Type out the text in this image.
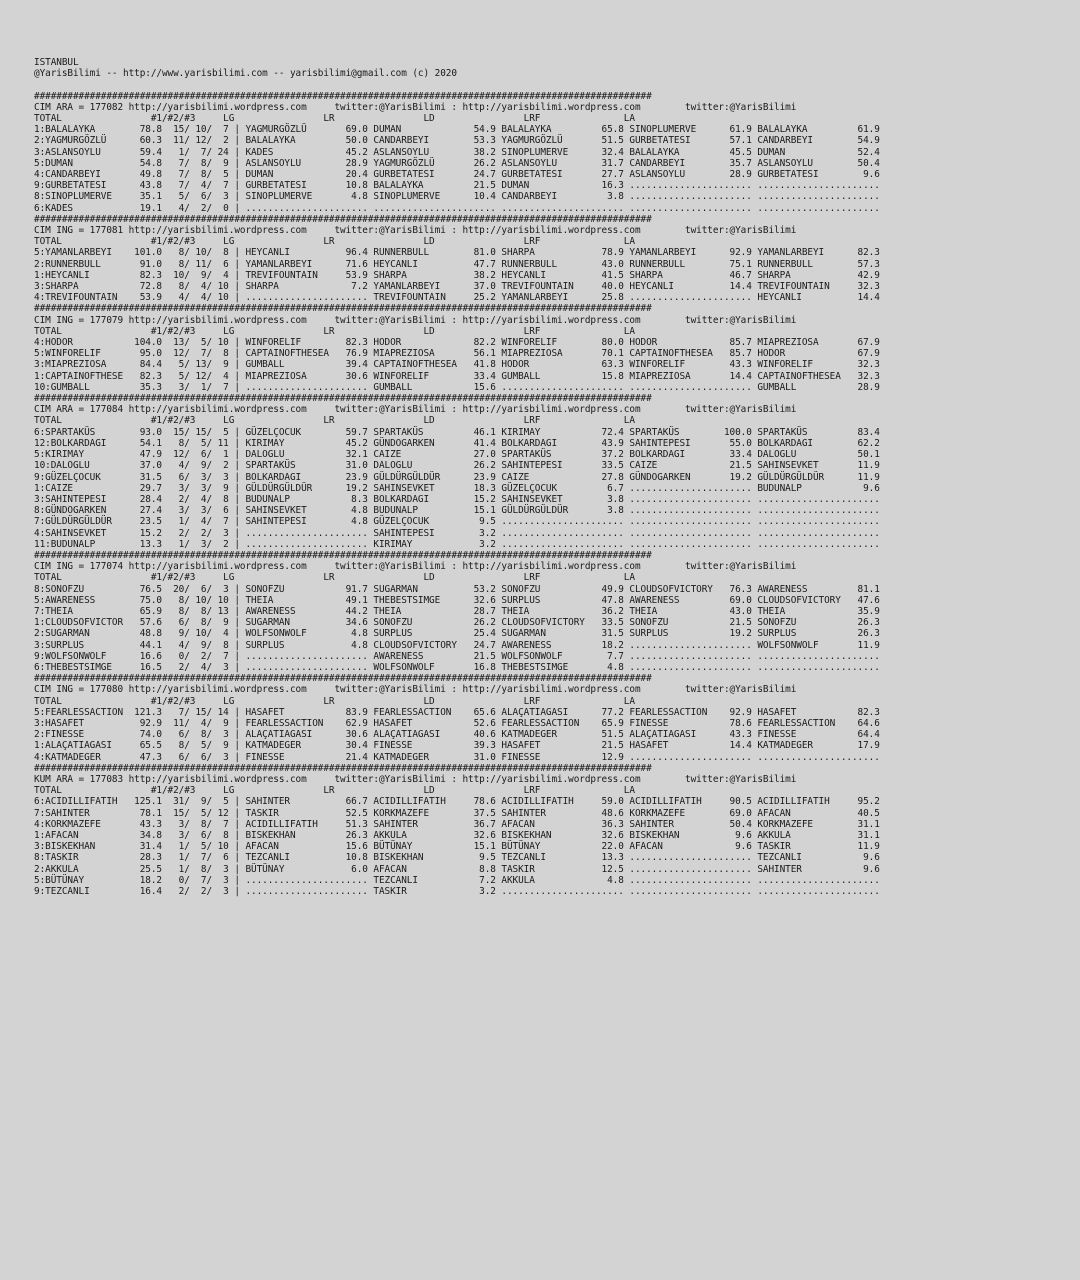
ISTANBUL
@YarisBilimi -- http://www.yarisbilimi.com -- yarisbilimi@gmail.com (c) 2020
###############################################################################################################
CIM ARA = 177082 http://yarisbilimi.wordpress.com     twitter:@YarisBilimi : http://yarisbilimi.wordpress.com        twitter:@YarisBilimi
TOTAL                #1/#2/#3     LG                LR                LD                LRF               LA
1:BALALAYKA        78.8  15/ 10/  7 | YAGMURGÖZLÜ       69.0 DUMAN             54.9 BALALAYKA         65.8 SINOPLUMERVE      61.9 BALALAYKA         61.9
2:YAGMURGÖZLÜ      60.3  11/ 12/  2 | BALALAYKA         50.0 CANDARBEYI        53.3 YAGMURGÖZLÜ       51.5 GURBETATESI       57.1 CANDARBEYI        54.9
3:ASLANSOYLU       59.4   1/  7/ 24 | KADES             45.2 ASLANSOYLU        38.2 SINOPLUMERVE      32.4 BALALAYKA         45.5 DUMAN             52.4
5:DUMAN            54.8   7/  8/  9 | ASLANSOYLU        28.9 YAGMURGÖZLÜ       26.2 ASLANSOYLU        31.7 CANDARBEYI        35.7 ASLANSOYLU        50.4
4:CANDARBEYI       49.8   7/  8/  5 | DUMAN             20.4 GURBETATESI       24.7 GURBETATESI       27.7 ASLANSOYLU        28.9 GURBETATESI        9.6
9:GURBETATESI      43.8   7/  4/  7 | GURBETATESI       10.8 BALALAYKA         21.5 DUMAN             16.3 ...................... ......................
8:SINOPLUMERVE     35.1   5/  6/  3 | SINOPLUMERVE       4.8 SINOPLUMERVE      10.4 CANDARBEYI         3.8 ...................... ......................
6:KADES            19.1   4/  2/  0 | ...................... ...................... ...................... ...................... ......................
###############################################################################################################
CIM ING = 177081 http://yarisbilimi.wordpress.com     twitter:@YarisBilimi : http://yarisbilimi.wordpress.com        twitter:@YarisBilimi
TOTAL                #1/#2/#3     LG                LR                LD                LRF               LA
5:YAMANLARBEYI    101.0   8/ 10/  8 | HEYCANLI          96.4 RUNNERBULL        81.0 SHARPA            78.9 YAMANLARBEYI      92.9 YAMANLARBEYI      82.3
2:RUNNERBULL       91.0   8/ 11/  6 | YAMANLARBEYI      71.6 HEYCANLI          47.7 RUNNERBULL        43.0 RUNNERBULL        75.1 RUNNERBULL        57.3
1:HEYCANLI         82.3  10/  9/  4 | TREVIFOUNTAIN     53.9 SHARPA            38.2 HEYCANLI          41.5 SHARPA            46.7 SHARPA            42.9
3:SHARPA           72.8   8/  4/ 10 | SHARPA             7.2 YAMANLARBEYI      37.0 TREVIFOUNTAIN     40.0 HEYCANLI          14.4 TREVIFOUNTAIN     32.3
4:TREVIFOUNTAIN    53.9   4/  4/ 10 | ...................... TREVIFOUNTAIN     25.2 YAMANLARBEYI      25.8 ...................... HEYCANLI          14.4
###############################################################################################################
CIM ING = 177079 http://yarisbilimi.wordpress.com     twitter:@YarisBilimi : http://yarisbilimi.wordpress.com        twitter:@YarisBilimi
TOTAL                #1/#2/#3     LG                LR                LD                LRF               LA
4:HODOR           104.0  13/  5/ 10 | WINFORELIF        82.3 HODOR             82.2 WINFORELIF        80.0 HODOR             85.7 MIAPREZIOSA       67.9
5:WINFORELIF       95.0  12/  7/  8 | CAPTAINOFTHESEA   76.9 MIAPREZIOSA       56.1 MIAPREZIOSA       70.1 CAPTAINOFTHESEA   85.7 HODOR             67.9
3:MIAPREZIOSA      84.4   5/ 13/  9 | GUMBALL           39.4 CAPTAINOFTHESEA   41.8 HODOR             63.3 WINFORELIF        43.3 WINFORELIF        32.3
1:CAPTAINOFTHESE   82.3   5/ 12/  4 | MIAPREZIOSA       30.6 WINFORELIF        33.4 GUMBALL           15.8 MIAPREZIOSA       14.4 CAPTAINOFTHESEA   32.3
10:GUMBALL         35.3   3/  1/  7 | ...................... GUMBALL           15.6 ...................... ...................... GUMBALL           28.9
###############################################################################################################
CIM ARA = 177084 http://yarisbilimi.wordpress.com     twitter:@YarisBilimi : http://yarisbilimi.wordpress.com        twitter:@YarisBilimi
TOTAL                #1/#2/#3     LG                LR                LD                LRF               LA
6:SPARTAKÜS        93.0  15/ 15/  5 | GÜZELÇOCUK        59.7 SPARTAKÜS         46.1 KIRIMAY           72.4 SPARTAKÜS        100.0 SPARTAKÜS         83.4
12:BOLKARDAGI      54.1   8/  5/ 11 | KIRIMAY           45.2 GÜNDOGARKEN       41.4 BOLKARDAGI        43.9 SAHINTEPESI       55.0 BOLKARDAGI        62.2
5:KIRIMAY          47.9  12/  6/  1 | DALOGLU           32.1 CAIZE             27.0 SPARTAKÜS         37.2 BOLKARDAGI        33.4 DALOGLU           50.1
10:DALOGLU         37.0   4/  9/  2 | SPARTAKÜS         31.0 DALOGLU           26.2 SAHINTEPESI       33.5 CAIZE             21.5 SAHINSEVKET       11.9
9:GÜZELÇOCUK       31.5   6/  3/  3 | BOLKARDAGI        23.9 GÜLDÜRGÜLDÜR      23.9 CAIZE             27.8 GÜNDOGARKEN       19.2 GÜLDÜRGÜLDÜR      11.9
1:CAIZE            29.7   3/  3/  9 | GÜLDÜRGÜLDÜR      19.2 SAHINSEVKET       18.3 GÜZELÇOCUK         6.7 ...................... BUDUNALP           9.6
3:SAHINTEPESI      28.4   2/  4/  8 | BUDUNALP           8.3 BOLKARDAGI        15.2 SAHINSEVKET        3.8 ...................... ......................
8:GÜNDOGARKEN      27.4   3/  3/  6 | SAHINSEVKET        4.8 BUDUNALP          15.1 GÜLDÜRGÜLDÜR       3.8 ...................... ......................
7:GÜLDÜRGÜLDÜR     23.5   1/  4/  7 | SAHINTEPESI        4.8 GÜZELÇOCUK         9.5 ...................... ...................... ......................
4:SAHINSEVKET      15.2   2/  2/  3 | ...................... SAHINTEPESI        3.2 ...................... ...................... ......................
11:BUDUNALP        13.3   1/  3/  2 | ...................... KIRIMAY            3.2 ...................... ...................... ......................
###############################################################################################################
CIM ING = 177074 http://yarisbilimi.wordpress.com     twitter:@YarisBilimi : http://yarisbilimi.wordpress.com        twitter:@YarisBilimi
TOTAL                #1/#2/#3     LG                LR                LD                LRF               LA
8:SONOFZU          76.5  20/  6/  3 | SONOFZU           91.7 SUGARMAN          53.2 SONOFZU           49.9 CLOUDSOFVICTORY   76.3 AWARENESS         81.1
5:AWARENESS        75.0   8/ 10/ 10 | THEIA             49.1 THEBESTSIMGE      32.6 SURPLUS           47.8 AWARENESS         69.0 CLOUDSOFVICTORY   47.6
7:THEIA            65.9   8/  8/ 13 | AWARENESS         44.2 THEIA             28.7 THEIA             36.2 THEIA             43.0 THEIA             35.9
1:CLOUDSOFVICTOR   57.6   6/  8/  9 | SUGARMAN          34.6 SONOFZU           26.2 CLOUDSOFVICTORY   33.5 SONOFZU           21.5 SONOFZU           26.3
2:SUGARMAN         48.8   9/ 10/  4 | WOLFSONWOLF        4.8 SURPLUS           25.4 SUGARMAN          31.5 SURPLUS           19.2 SURPLUS           26.3
3:SURPLUS          44.1   4/  9/  8 | SURPLUS            4.8 CLOUDSOFVICTORY   24.7 AWARENESS         18.2 ...................... WOLFSONWOLF       11.9
9:WOLFSONWOLF      16.6   0/  2/  7 | ...................... AWARENESS         21.5 WOLFSONWOLF        7.7 ...................... ......................
6:THEBESTSIMGE     16.5   2/  4/  3 | ...................... WOLFSONWOLF       16.8 THEBESTSIMGE       4.8 ...................... ......................
###############################################################################################################
CIM ING = 177080 http://yarisbilimi.wordpress.com     twitter:@YarisBilimi : http://yarisbilimi.wordpress.com        twitter:@YarisBilimi
TOTAL                #1/#2/#3     LG                LR                LD                LRF               LA
5:FEARLESSACTION  121.3   7/ 15/ 14 | HASAFET           83.9 FEARLESSACTION    65.6 ALAÇATIAGASI      77.2 FEARLESSACTION    92.9 HASAFET           82.3
3:HASAFET          92.9  11/  4/  9 | FEARLESSACTION    62.9 HASAFET           52.6 FEARLESSACTION    65.9 FINESSE           78.6 FEARLESSACTION    64.6
2:FINESSE          74.0   6/  8/  3 | ALAÇATIAGASI      30.6 ALAÇATIAGASI      40.6 KATMADEGER        51.5 ALAÇATIAGASI      43.3 FINESSE           64.4
1:ALAÇATIAGASI     65.5   8/  5/  9 | KATMADEGER        30.4 FINESSE           39.3 HASAFET           21.5 HASAFET           14.4 KATMADEGER        17.9
4:KATMADEGER       47.3   6/  6/  3 | FINESSE           21.4 KATMADEGER        31.0 FINESSE           12.9 ...................... ......................
###############################################################################################################
KUM ARA = 177083 http://yarisbilimi.wordpress.com     twitter:@YarisBilimi : http://yarisbilimi.wordpress.com        twitter:@YarisBilimi
TOTAL                #1/#2/#3     LG                LR                LD                LRF               LA
6:ACIDILLIFATIH   125.1  31/  9/  5 | SAHINTER          66.7 ACIDILLIFATIH     78.6 ACIDILLIFATIH     59.0 ACIDILLIFATIH     90.5 ACIDILLIFATIH     95.2
7:SAHINTER         78.1  15/  5/ 12 | TASKIR            52.5 KORKMAZEFE        37.5 SAHINTER          48.6 KORKMAZEFE        69.0 AFACAN            40.5
4:KORKMAZEFE       43.3   3/  8/  7 | ACIDILLIFATIH     51.3 SAHINTER          36.7 AFACAN            36.3 SAHINTER          50.4 KORKMAZEFE        31.1
1:AFACAN           34.8   3/  6/  8 | BISKEKHAN         26.3 AKKULA            32.6 BISKEKHAN         32.6 BISKEKHAN          9.6 AKKULA            31.1
3:BISKEKHAN        31.4   1/  5/ 10 | AFACAN            15.6 BÜTÜNAY           15.1 BÜTÜNAY           22.0 AFACAN             9.6 TASKIR            11.9
8:TASKIR           28.3   1/  7/  6 | TEZCANLI          10.8 BISKEKHAN          9.5 TEZCANLI          13.3 ...................... TEZCANLI           9.6
2:AKKULA           25.5   1/  8/  3 | BÜTÜNAY            6.0 AFACAN             8.8 TASKIR            12.5 ...................... SAHINTER           9.6
5:BÜTÜNAY          18.2   0/  7/  3 | ...................... TEZCANLI           7.2 AKKULA             4.8 ...................... ......................
9:TEZCANLI         16.4   2/  2/  3 | ...................... TASKIR             3.2 ...................... ...................... ......................
